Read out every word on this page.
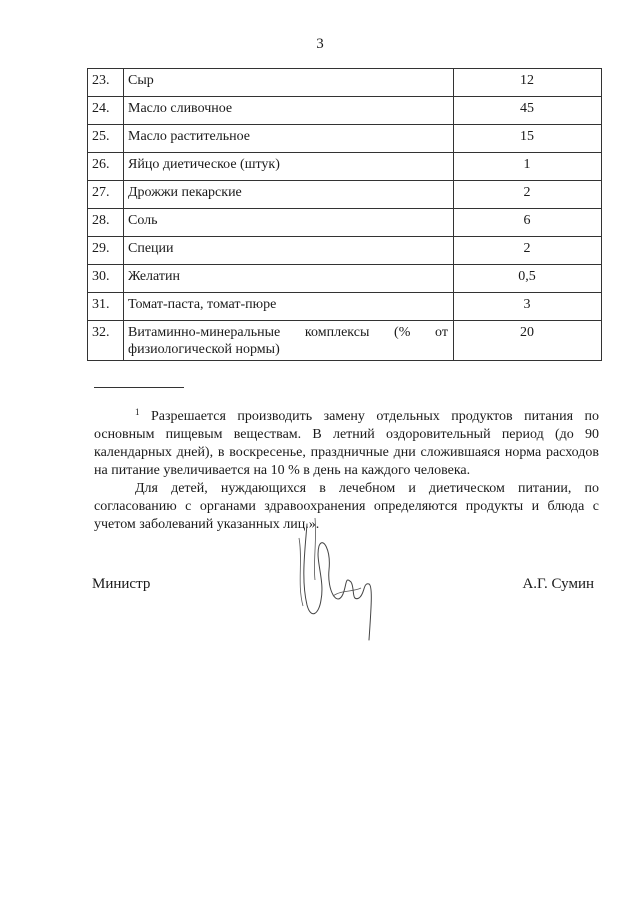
3
23.	Сыр	12
24.	Масло сливочное	45
25.	Масло растительное	15
26.	Яйцо диетическое (штук)	1
27.	Дрожжи пекарские	2
28.	Соль	6
29.	Специи	2
30.	Желатин	0,5
31.	Томат-паста, томат-пюре	3
32.	Витаминно-минеральные комплексы (% от физиологической нормы)	20

$^1$ Разрешается производить замену отдельных продуктов питания по основным пищевым веществам. В летний оздоровительный период (до 90 календарных дней), в воскресенье, праздничные дни сложившаяся норма расходов на питание увеличивается на 10 % в день на каждого человека.

Для детей, нуждающихся в лечебном и диетическом питании, по согласованию с органами здравоохранения определяются продукты и блюда с учетом заболеваний указанных лиц.».

Министр	А.Г. Сумин
